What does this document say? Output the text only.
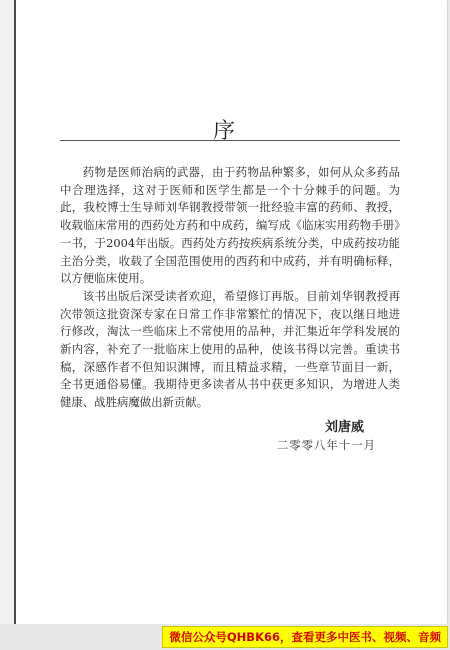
序

药物是医师治病的武器，由于药物品种繁多，如何从众多药品中合理选择，这对于医师和医学生都是一个十分棘手的问题。为此，我校博士生导师刘华钢教授带领一批经验丰富的药师、教授，收载临床常用的西药处方药和中成药，编写成《临床实用药物手册》一书，于2004年出版。西药处方药按疾病系统分类，中成药按功能主治分类，收载了全国范围使用的西药和中成药，并有明确标释，以方便临床使用。

该书出版后深受读者欢迎，希望修订再版。目前刘华钢教授再次带领这批资深专家在日常工作非常繁忙的情况下，夜以继日地进行修改，淘汰一些临床上不常使用的品种，并汇集近年学科发展的新内容，补充了一批临床上使用的品种，使该书得以完善。重读书稿，深感作者不但知识渊博，而且精益求精，一些章节面目一新，全书更通俗易懂。我期待更多读者从书中获更多知识，为增进人类健康、战胜病魔做出新贡献。

刘唐威
二零零八年十一月
微信公众号QHBK66，查看更多中医书、视频、音频
